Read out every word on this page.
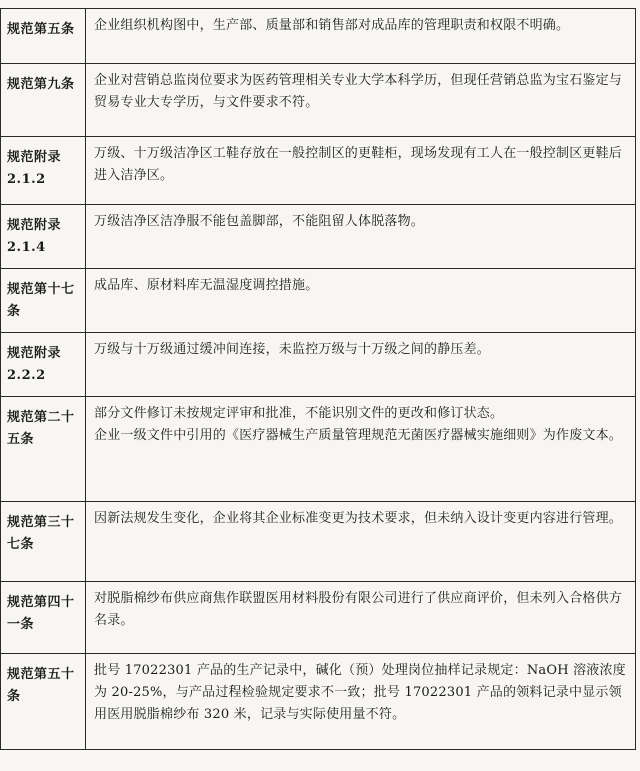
规范第五条	企业组织机构图中，生产部、质量部和销售部对成品库的管理职责和权限不明确。
规范第九条	企业对营销总监岗位要求为医药管理相关专业大学本科学历，但现任营销总监为宝石鉴定与贸易专业大专学历，与文件要求不符。
规范附录2.1.2	万级、十万级洁净区工鞋存放在一般控制区的更鞋柜，现场发现有工人在一般控制区更鞋后进入洁净区。
规范附录2.1.4	万级洁净区洁净服不能包盖脚部，不能阻留人体脱落物。
规范第十七条	成品库、原材料库无温湿度调控措施。
规范附录2.2.2	万级与十万级通过缓冲间连接，未监控万级与十万级之间的静压差。
规范第二十五条	部分文件修订未按规定评审和批准，不能识别文件的更改和修订状态。
企业一级文件中引用的《医疗器械生产质量管理规范无菌医疗器械实施细则》为作废文本。

规范第三十七条	因新法规发生变化，企业将其企业标准变更为技术要求，但未纳入设计变更内容进行管理。
规范第四十一条	对脱脂棉纱布供应商焦作联盟医用材料股份有限公司进行了供应商评价，但未列入合格供方名录。
规范第五十条	批号 17022301 产品的生产记录中，碱化（预）处理岗位抽样记录规定：NaOH 溶液浓度为 20-25%，与产品过程检验规定要求不一致；批号 17022301 产品的领料记录中显示领用医用脱脂棉纱布 320 米，记录与实际使用量不符。
